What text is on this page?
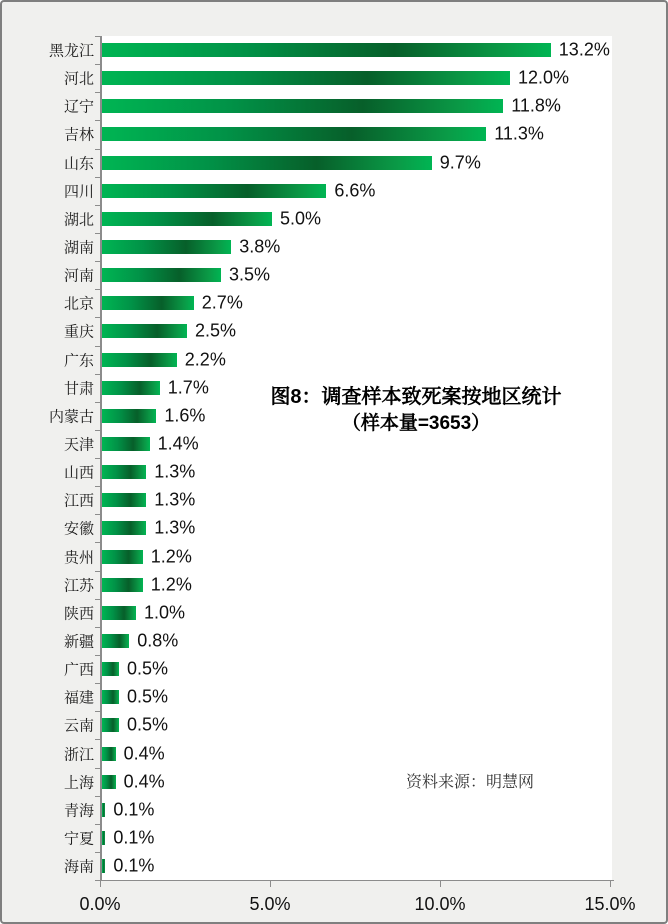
黑龙江	13.2%
河北	12.0%
辽宁	11.8%
吉林	11.3%
山东	9.7%
四川	6.6%
湖北	5.0%
湖南	3.8%
河南	3.5%
北京	2.7%
重庆	2.5%
广东	2.2%
甘肃	1.7%
内蒙古	1.6%
天津	1.4%
山西	1.3%
江西	1.3%
安徽	1.3%
贵州	1.2%
江苏	1.2%
陕西	1.0%
新疆 0.8%
广西 0.5%
福建 0.5%
云南 0.5%
浙江 0.4%
上海 0.4%
青海 0.1%
宁夏 0.1%
海南 0.1%
0.0%	5.0%	10.0%	15.0%
图8：调查样本致死案按地区统计
（样本量=3653）
资料来源：明慧网
